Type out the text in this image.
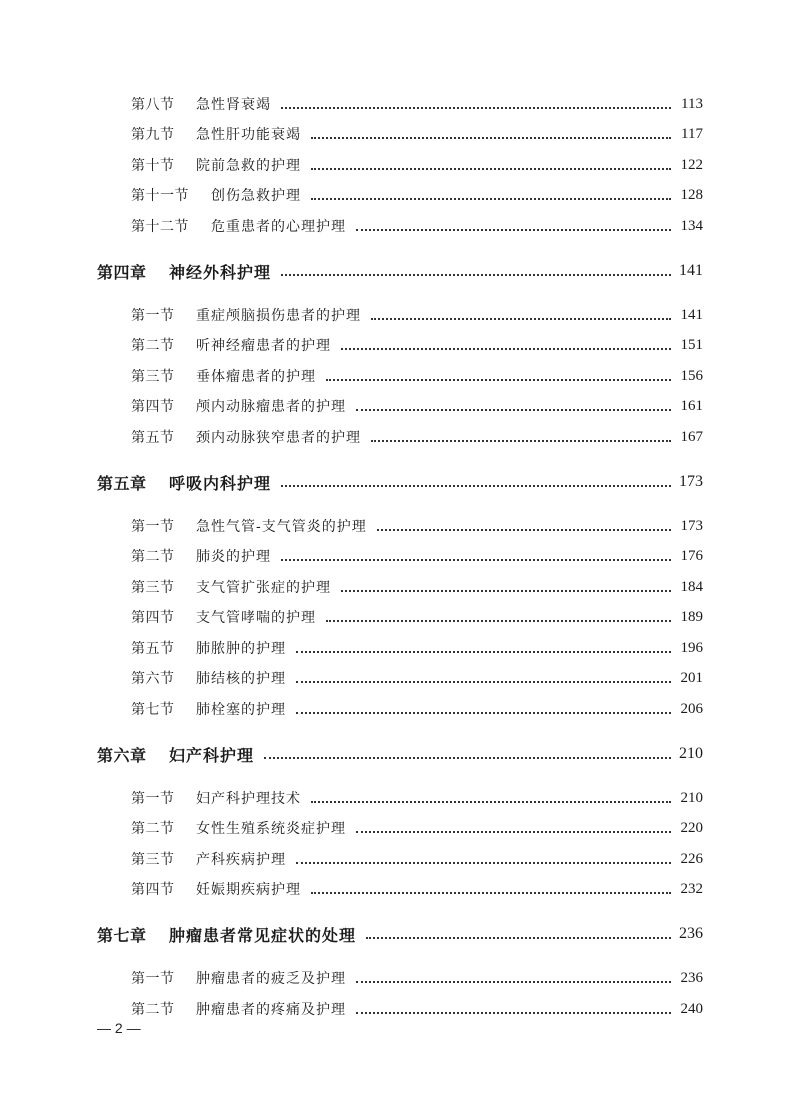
第八节	急性肾衰竭	113
第九节	急性肝功能衰竭	117
第十节	院前急救的护理	122
第十一节	创伤急救护理	128
第十二节	危重患者的心理护理	134
第四章	神经外科护理	141
第一节	重症颅脑损伤患者的护理	141
第二节	听神经瘤患者的护理	151
第三节	垂体瘤患者的护理	156
第四节	颅内动脉瘤患者的护理	161
第五节	颈内动脉狭窄患者的护理	167
第五章	呼吸内科护理	173
第一节	急性气管-支气管炎的护理	173
第二节	肺炎的护理	176
第三节	支气管扩张症的护理	184
第四节	支气管哮喘的护理	189
第五节	肺脓肿的护理	196
第六节	肺结核的护理	201
第七节	肺栓塞的护理	206
第六章	妇产科护理	210
第一节	妇产科护理技术	210
第二节	女性生殖系统炎症护理	220
第三节	产科疾病护理	226
第四节	妊娠期疾病护理	232
第七章	肿瘤患者常见症状的处理	236
第一节	肿瘤患者的疲乏及护理	236
第二节	肿瘤患者的疼痛及护理	240
— 2 —
